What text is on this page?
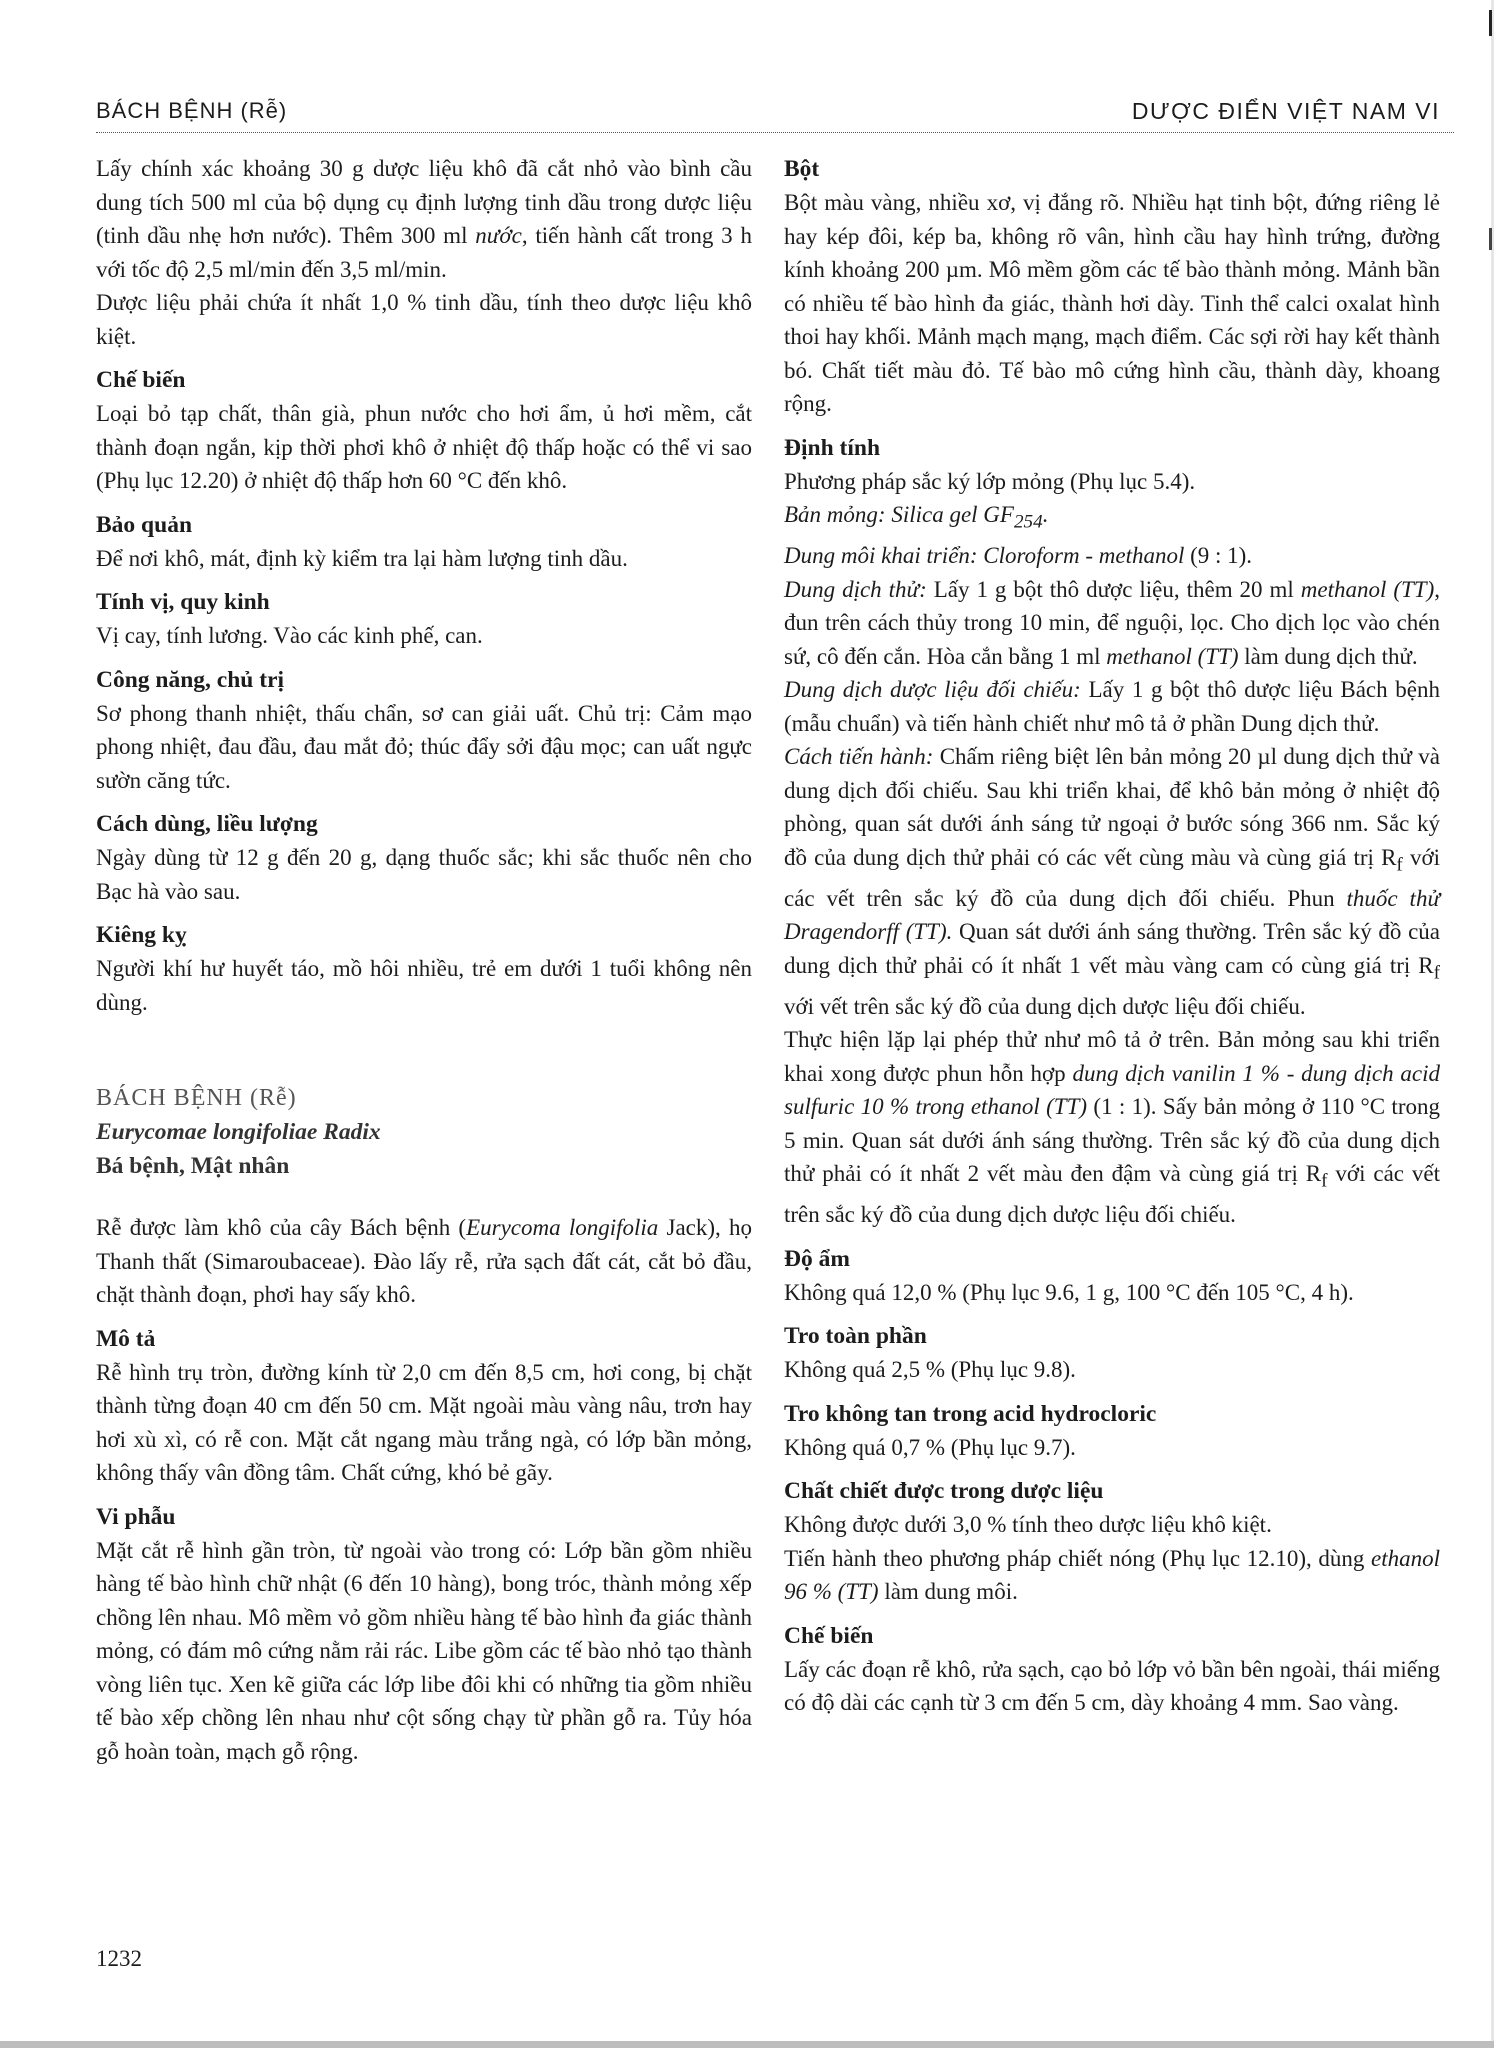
BÁCH BỆNH (Rễ)	DƯỢC ĐIỂN VIỆT NAM VI

Lấy chính xác khoảng 30 g dược liệu khô đã cắt nhỏ vào bình cầu dung tích 500 ml của bộ dụng cụ định lượng tinh dầu trong dược liệu (tinh dầu nhẹ hơn nước). Thêm 300 ml nước, tiến hành cất trong 3 h với tốc độ 2,5 ml/min đến 3,5 ml/min.

Dược liệu phải chứa ít nhất 1,0 % tinh dầu, tính theo dược liệu khô kiệt.

Chế biến

Loại bỏ tạp chất, thân già, phun nước cho hơi ẩm, ủ hơi mềm, cắt thành đoạn ngắn, kịp thời phơi khô ở nhiệt độ thấp hoặc có thể vi sao (Phụ lục 12.20) ở nhiệt độ thấp hơn 60 °C đến khô.

Bảo quản

Để nơi khô, mát, định kỳ kiểm tra lại hàm lượng tinh dầu.

Tính vị, quy kinh

Vị cay, tính lương. Vào các kinh phế, can.

Công năng, chủ trị

Sơ phong thanh nhiệt, thấu chẩn, sơ can giải uất. Chủ trị: Cảm mạo phong nhiệt, đau đầu, đau mắt đỏ; thúc đẩy sởi đậu mọc; can uất ngực sườn căng tức.

Cách dùng, liều lượng

Ngày dùng từ 12 g đến 20 g, dạng thuốc sắc; khi sắc thuốc nên cho Bạc hà vào sau.

Kiêng kỵ

Người khí hư huyết táo, mồ hôi nhiều, trẻ em dưới 1 tuổi không nên dùng.

BÁCH BỆNH (Rễ)
Eurycomae longifoliae Radix
Bá bệnh, Mật nhân

Rễ được làm khô của cây Bách bệnh (Eurycoma longifolia Jack), họ Thanh thất (Simaroubaceae). Đào lấy rễ, rửa sạch đất cát, cắt bỏ đầu, chặt thành đoạn, phơi hay sấy khô.

Mô tả

Rễ hình trụ tròn, đường kính từ 2,0 cm đến 8,5 cm, hơi cong, bị chặt thành từng đoạn 40 cm đến 50 cm. Mặt ngoài màu vàng nâu, trơn hay hơi xù xì, có rễ con. Mặt cắt ngang màu trắng ngà, có lớp bần mỏng, không thấy vân đồng tâm. Chất cứng, khó bẻ gãy.

Vi phẫu

Mặt cắt rễ hình gần tròn, từ ngoài vào trong có: Lớp bần gồm nhiều hàng tế bào hình chữ nhật (6 đến 10 hàng), bong tróc, thành mỏng xếp chồng lên nhau. Mô mềm vỏ gồm nhiều hàng tế bào hình đa giác thành mỏng, có đám mô cứng nằm rải rác. Libe gồm các tế bào nhỏ tạo thành vòng liên tục. Xen kẽ giữa các lớp libe đôi khi có những tia gồm nhiều tế bào xếp chồng lên nhau như cột sống chạy từ phần gỗ ra. Tủy hóa gỗ hoàn toàn, mạch gỗ rộng.

Bột

Bột màu vàng, nhiều xơ, vị đắng rõ. Nhiều hạt tinh bột, đứng riêng lẻ hay kép đôi, kép ba, không rõ vân, hình cầu hay hình trứng, đường kính khoảng 200 µm. Mô mềm gồm các tế bào thành mỏng. Mảnh bần có nhiều tế bào hình đa giác, thành hơi dày. Tinh thể calci oxalat hình thoi hay khối. Mảnh mạch mạng, mạch điểm. Các sợi rời hay kết thành bó. Chất tiết màu đỏ. Tế bào mô cứng hình cầu, thành dày, khoang rộng.

Định tính

Phương pháp sắc ký lớp mỏng (Phụ lục 5.4).

Bản mỏng: Silica gel $GF_{254}$.

Dung môi khai triển: Cloroform - methanol (9 : 1).

Dung dịch thử: Lấy 1 g bột thô dược liệu, thêm 20 ml methanol (TT), đun trên cách thủy trong 10 min, để nguội, lọc. Cho dịch lọc vào chén sứ, cô đến cắn. Hòa cắn bằng 1 ml methanol (TT) làm dung dịch thử.

Dung dịch dược liệu đối chiếu: Lấy 1 g bột thô dược liệu Bách bệnh (mẫu chuẩn) và tiến hành chiết như mô tả ở phần Dung dịch thử.

Cách tiến hành: Chấm riêng biệt lên bản mỏng 20 µl dung dịch thử và dung dịch đối chiếu. Sau khi triển khai, để khô bản mỏng ở nhiệt độ phòng, quan sát dưới ánh sáng tử ngoại ở bước sóng 366 nm. Sắc ký đồ của dung dịch thử phải có các vết cùng màu và cùng giá trị $R_f$ với các vết trên sắc ký đồ của dung dịch đối chiếu. Phun thuốc thử Dragendorff (TT). Quan sát dưới ánh sáng thường. Trên sắc ký đồ của dung dịch thử phải có ít nhất 1 vết màu vàng cam có cùng giá trị $R_f$ với vết trên sắc ký đồ của dung dịch dược liệu đối chiếu.

Thực hiện lặp lại phép thử như mô tả ở trên. Bản mỏng sau khi triển khai xong được phun hỗn hợp dung dịch vanilin 1 % - dung dịch acid sulfuric 10 % trong ethanol (TT) (1 : 1). Sấy bản mỏng ở 110 °C trong 5 min. Quan sát dưới ánh sáng thường. Trên sắc ký đồ của dung dịch thử phải có ít nhất 2 vết màu đen đậm và cùng giá trị $R_f$ với các vết trên sắc ký đồ của dung dịch dược liệu đối chiếu.

Độ ẩm

Không quá 12,0 % (Phụ lục 9.6, 1 g, 100 °C đến 105 °C, 4 h).

Tro toàn phần

Không quá 2,5 % (Phụ lục 9.8).

Tro không tan trong acid hydrocloric

Không quá 0,7 % (Phụ lục 9.7).

Chất chiết được trong dược liệu

Không được dưới 3,0 % tính theo dược liệu khô kiệt.

Tiến hành theo phương pháp chiết nóng (Phụ lục 12.10), dùng ethanol 96 % (TT) làm dung môi.

Chế biến

Lấy các đoạn rễ khô, rửa sạch, cạo bỏ lớp vỏ bần bên ngoài, thái miếng có độ dài các cạnh từ 3 cm đến 5 cm, dày khoảng 4 mm. Sao vàng.

1232
